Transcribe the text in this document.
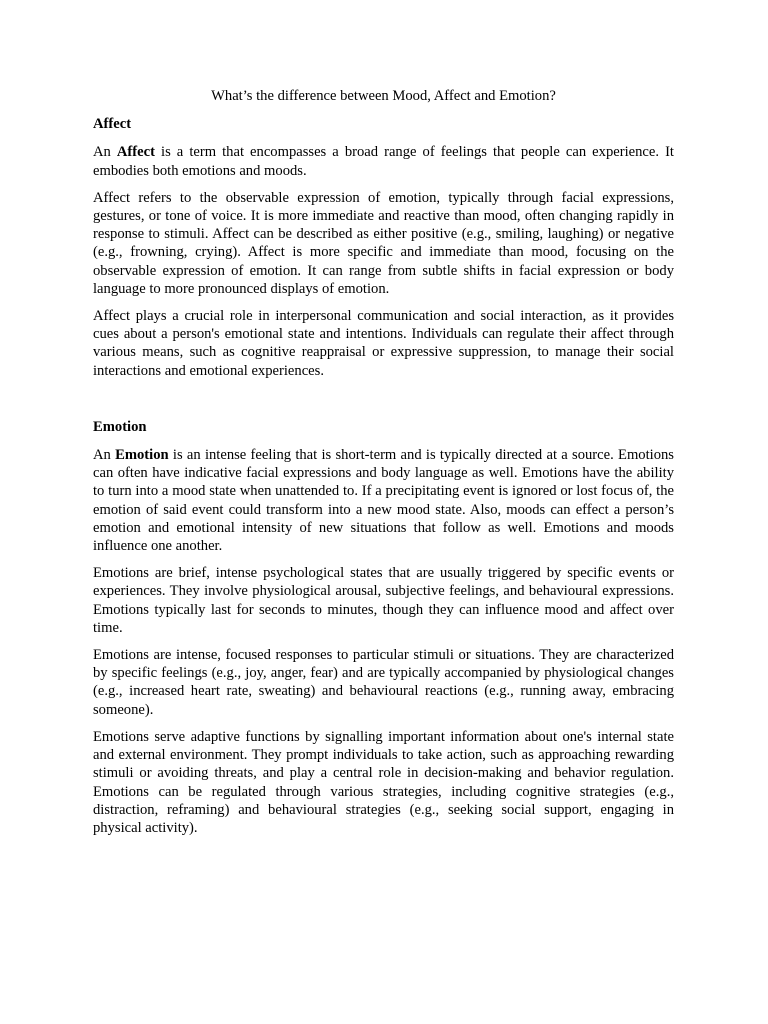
What’s the difference between Mood, Affect and Emotion?
Affect

An Affect is a term that encompasses a broad range of feelings that people can experience. It embodies both emotions and moods.

Affect refers to the observable expression of emotion, typically through facial expressions, gestures, or tone of voice. It is more immediate and reactive than mood, often changing rapidly in response to stimuli. Affect can be described as either positive (e.g., smiling, laughing) or negative (e.g., frowning, crying). Affect is more specific and immediate than mood, focusing on the observable expression of emotion. It can range from subtle shifts in facial expression or body language to more pronounced displays of emotion.

Affect plays a crucial role in interpersonal communication and social interaction, as it provides cues about a person's emotional state and intentions. Individuals can regulate their affect through various means, such as cognitive reappraisal or expressive suppression, to manage their social interactions and emotional experiences.

Emotion

An Emotion is an intense feeling that is short-term and is typically directed at a source. Emotions can often have indicative facial expressions and body language as well. Emotions have the ability to turn into a mood state when unattended to. If a precipitating event is ignored or lost focus of, the emotion of said event could transform into a new mood state. Also, moods can effect a person’s emotion and emotional intensity of new situations that follow as well. Emotions and moods influence one another.

Emotions are brief, intense psychological states that are usually triggered by specific events or experiences. They involve physiological arousal, subjective feelings, and behavioural expressions. Emotions typically last for seconds to minutes, though they can influence mood and affect over time.

Emotions are intense, focused responses to particular stimuli or situations. They are characterized by specific feelings (e.g., joy, anger, fear) and are typically accompanied by physiological changes (e.g., increased heart rate, sweating) and behavioural reactions (e.g., running away, embracing someone).

Emotions serve adaptive functions by signalling important information about one's internal state and external environment. They prompt individuals to take action, such as approaching rewarding stimuli or avoiding threats, and play a central role in decision-making and behavior regulation. Emotions can be regulated through various strategies, including cognitive strategies (e.g., distraction, reframing) and behavioural strategies (e.g., seeking social support, engaging in physical activity).
